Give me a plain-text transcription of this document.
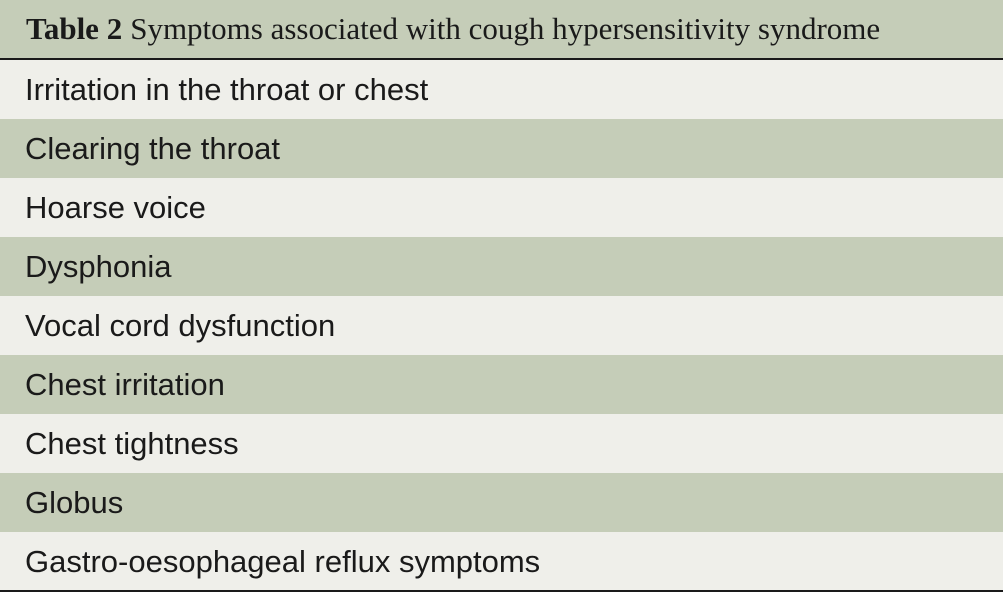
Table 2 Symptoms associated with cough hypersensitivity syndrome
Irritation in the throat or chest
Clearing the throat
Hoarse voice
Dysphonia
Vocal cord dysfunction
Chest irritation
Chest tightness
Globus
Gastro-oesophageal reflux symptoms
